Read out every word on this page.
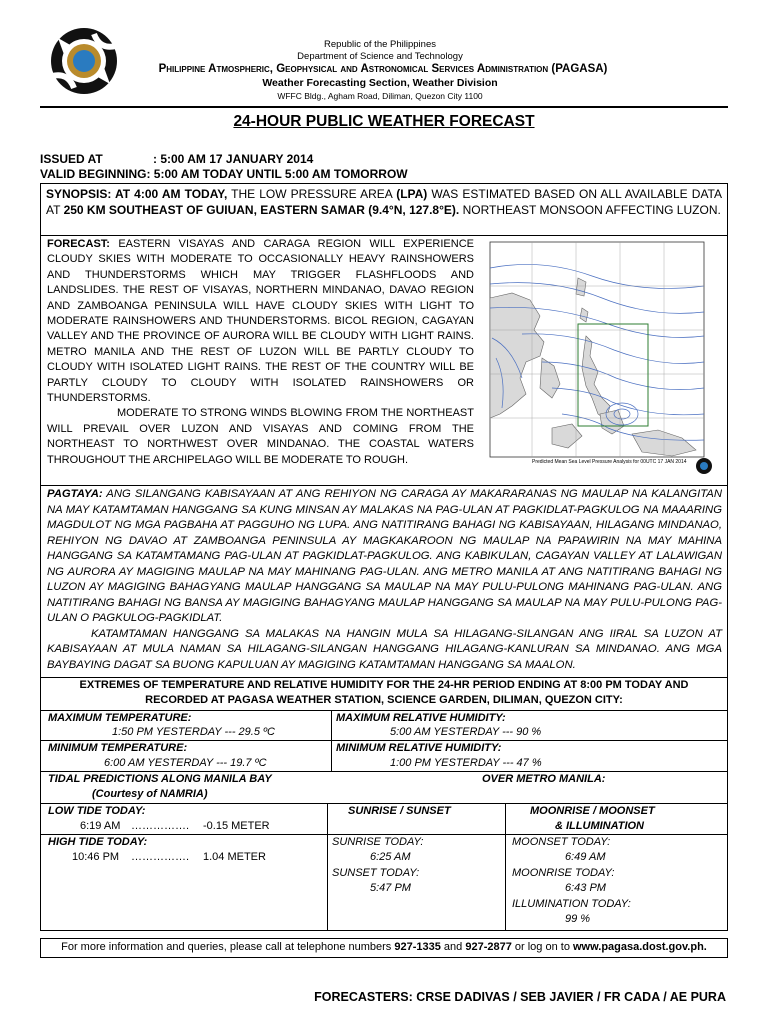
Republic of the Philippines
Department of Science and Technology
Philippine Atmospheric, Geophysical and Astronomical Services Administration (PAGASA)
Weather Forecasting Section, Weather Division
WFFC Bldg., Agham Road, Diliman, Quezon City 1100
24-HOUR PUBLIC WEATHER FORECAST
ISSUED AT	: 5:00 AM 17 JANUARY 2014
VALID BEGINNING: 5:00 AM TODAY UNTIL 5:00 AM TOMORROW
SYNOPSIS: AT 4:00 AM TODAY, THE LOW PRESSURE AREA (LPA) WAS ESTIMATED BASED ON ALL AVAILABLE DATA AT 250 KM SOUTHEAST OF GUIUAN, EASTERN SAMAR (9.4°N, 127.8°E). NORTHEAST MONSOON AFFECTING LUZON.
FORECAST: EASTERN VISAYAS AND CARAGA REGION WILL EXPERIENCE CLOUDY SKIES WITH MODERATE TO OCCASIONALLY HEAVY RAINSHOWERS AND THUNDERSTORMS WHICH MAY TRIGGER FLASHFLOODS AND LANDSLIDES. THE REST OF VISAYAS, NORTHERN MINDANAO, DAVAO REGION AND ZAMBOANGA PENINSULA WILL HAVE CLOUDY SKIES WITH LIGHT TO MODERATE RAINSHOWERS AND THUNDERSTORMS. BICOL REGION, CAGAYAN VALLEY AND THE PROVINCE OF AURORA WILL BE CLOUDY WITH LIGHT RAINS. METRO MANILA AND THE REST OF LUZON WILL BE PARTLY CLOUDY TO CLOUDY WITH ISOLATED LIGHT RAINS. THE REST OF THE COUNTRY WILL BE PARTLY CLOUDY TO CLOUDY WITH ISOLATED RAINSHOWERS OR THUNDERSTORMS.

MODERATE TO STRONG WINDS BLOWING FROM THE NORTHEAST WILL PREVAIL OVER LUZON AND VISAYAS AND COMING FROM THE NORTHEAST TO NORTHWEST OVER MINDANAO. THE COASTAL WATERS THROUGHOUT THE ARCHIPELAGO WILL BE MODERATE TO ROUGH.	Predicted Mean Sea Level Pressure Analysis for 00UTC 17 JAN 2014
PAGTAYA: ANG SILANGANG KABISAYAAN AT ANG REHIYON NG CARAGA AY MAKARARANAS NG MAULAP NA KALANGITAN NA MAY KATAMTAMAN HANGGANG SA KUNG MINSAN AY MALAKAS NA PAG-ULAN AT PAGKIDLAT-PAGKULOG NA MAAARING MAGDULOT NG MGA PAGBAHA AT PAGGUHO NG LUPA. ANG NATITIRANG BAHAGI NG KABISAYAAN, HILAGANG MINDANAO, REHIYON NG DAVAO AT ZAMBOANGA PENINSULA AY MAGKAKAROON NG MAULAP NA PAPAWIRIN NA MAY MAHINA HANGGANG SA KATAMTAMANG PAG-ULAN AT PAGKIDLAT-PAGKULOG. ANG KABIKULAN, CAGAYAN VALLEY AT LALAWIGAN NG AURORA AY MAGIGING MAULAP NA MAY MAHINANG PAG-ULAN. ANG METRO MANILA AT ANG NATITIRANG BAHAGI NG LUZON AY MAGIGING BAHAGYANG MAULAP HANGGANG SA MAULAP NA MAY PULU-PULONG MAHINANG PAG-ULAN. ANG NATITIRANG BAHAGI NG BANSA AY MAGIGING BAHAGYANG MAULAP HANGGANG SA MAULAP NA MAY PULU-PULONG PAG-ULAN O PAGKULOG-PAGKIDLAT.

KATAMTAMAN HANGGANG SA MALAKAS NA HANGIN MULA SA HILAGANG-SILANGAN ANG IIRAL SA LUZON AT KABISAYAAN AT MULA NAMAN SA HILAGANG-SILANGAN HANGGANG HILAGANG-KANLURAN SA MINDANAO. ANG MGA BAYBAYING DAGAT SA BUONG KAPULUAN AY MAGIGING KATAMTAMAN HANGGANG SA MAALON.
EXTREMES OF TEMPERATURE AND RELATIVE HUMIDITY FOR THE 24-HR PERIOD ENDING AT 8:00 PM TODAY AND
RECORDED AT PAGASA WEATHER STATION, SCIENCE GARDEN, DILIMAN, QUEZON CITY:
MAXIMUM TEMPERATURE:
1:50 PM YESTERDAY --- 29.5 ºC
MAXIMUM RELATIVE HUMIDITY:
5:00 AM YESTERDAY --- 90 %
MINIMUM TEMPERATURE:
6:00 AM YESTERDAY --- 19.7 ºC
MINIMUM RELATIVE HUMIDITY:
1:00 PM YESTERDAY --- 47 %
TIDAL PREDICTIONS ALONG MANILA BAY
(Courtesy of NAMRIA)
OVER METRO MANILA:
LOW TIDE TODAY:
6:19 AM ……………. -0.15 METER
HIGH TIDE TODAY:
10:46 PM ……………. 1.04 METER
SUNRISE / SUNSET
SUNRISE TODAY:
6:25 AM
SUNSET TODAY:
5:47 PM
MOONRISE / MOONSET
& ILLUMINATION
MOONSET TODAY:
6:49 AM
MOONRISE TODAY:
6:43 PM
ILLUMINATION TODAY:
99 %
For more information and queries, please call at telephone numbers 927-1335 and 927-2877 or log on to www.pagasa.dost.gov.ph.
FORECASTERS: CRSE DADIVAS / SEB JAVIER / FR CADA / AE PURA
